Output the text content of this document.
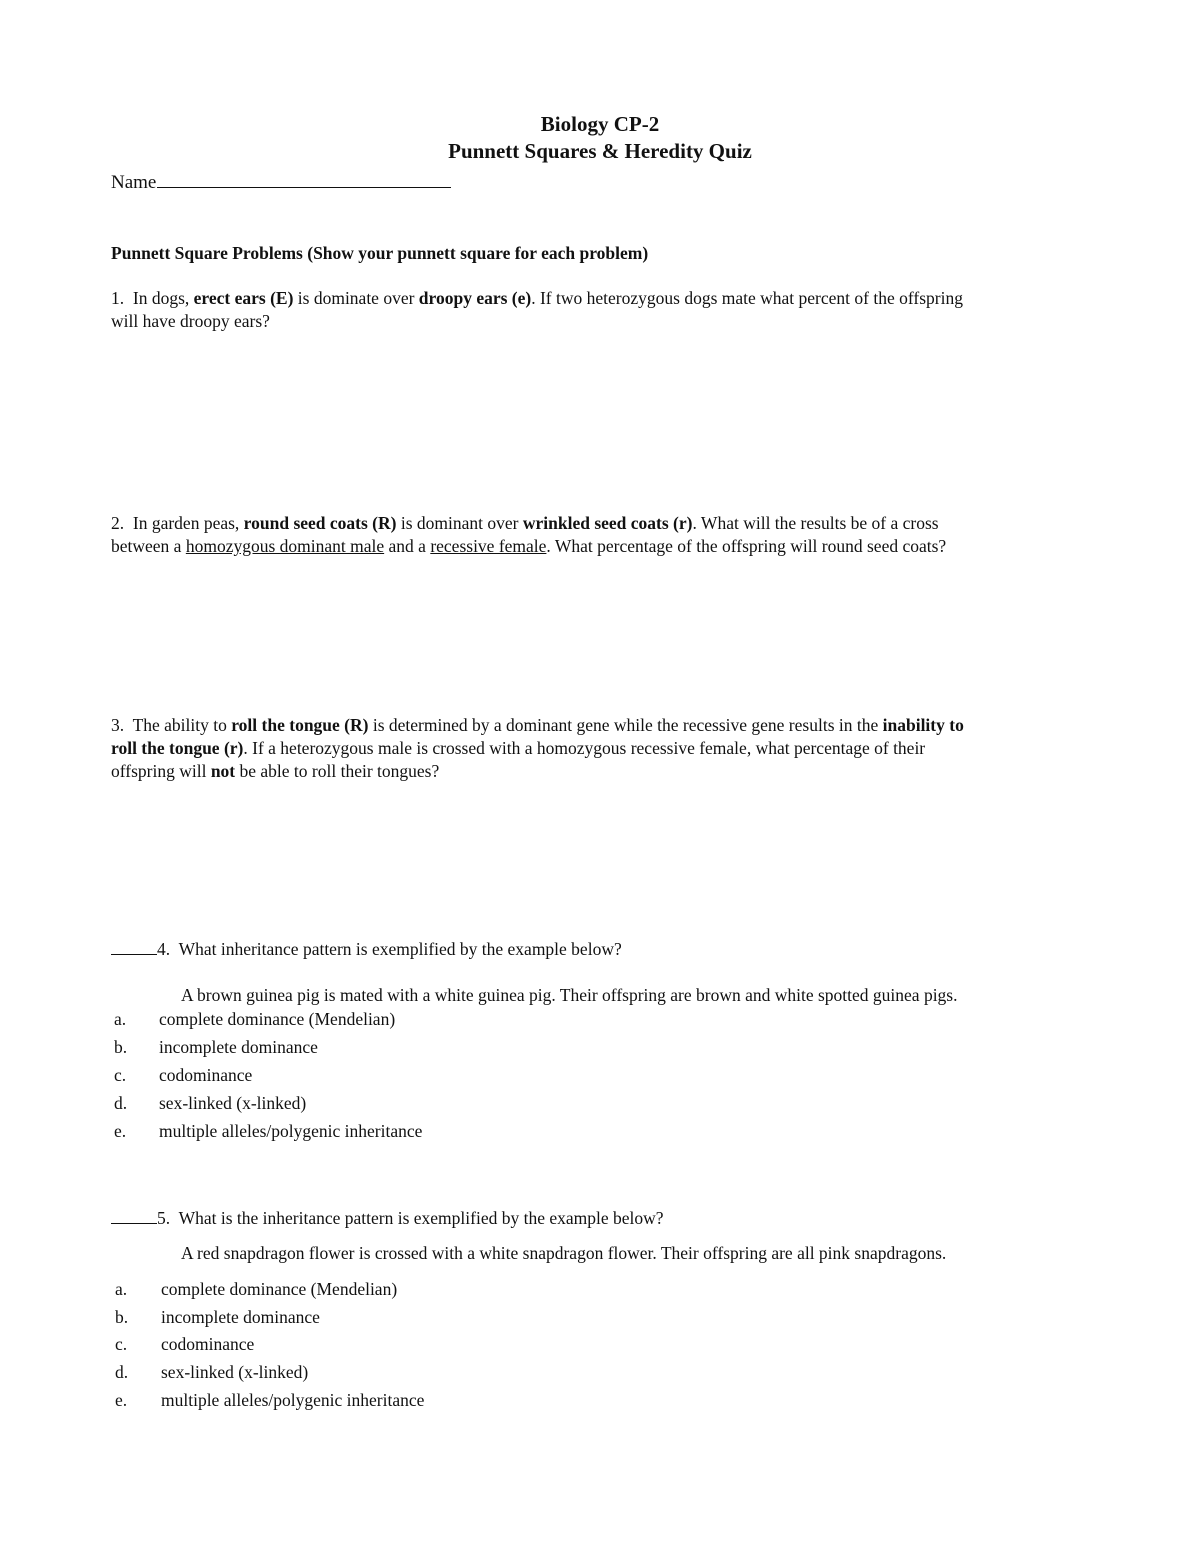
Biology CP-2
Punnett Squares & Heredity Quiz
Name
Punnett Square Problems (Show your punnett square for each problem)
1. In dogs, erect ears (E) is dominate over droopy ears (e). If two heterozygous dogs mate what percent of the offspring
will have droopy ears?
2. In garden peas, round seed coats (R) is dominant over wrinkled seed coats (r). What will the results be of a cross
between a homozygous dominant male and a recessive female. What percentage of the offspring will round seed coats?
3. The ability to roll the tongue (R) is determined by a dominant gene while the recessive gene results in the inability to
roll the tongue (r). If a heterozygous male is crossed with a homozygous recessive female, what percentage of their
offspring will not be able to roll their tongues?
4. What inheritance pattern is exemplified by the example below?
A brown guinea pig is mated with a white guinea pig. Their offspring are brown and white spotted guinea pigs.
a. complete dominance (Mendelian)
b. incomplete dominance
c. codominance
d. sex-linked (x-linked)
e. multiple alleles/polygenic inheritance
5. What is the inheritance pattern is exemplified by the example below?
A red snapdragon flower is crossed with a white snapdragon flower. Their offspring are all pink snapdragons.
a. complete dominance (Mendelian)
b. incomplete dominance
c. codominance
d. sex-linked (x-linked)
e. multiple alleles/polygenic inheritance
